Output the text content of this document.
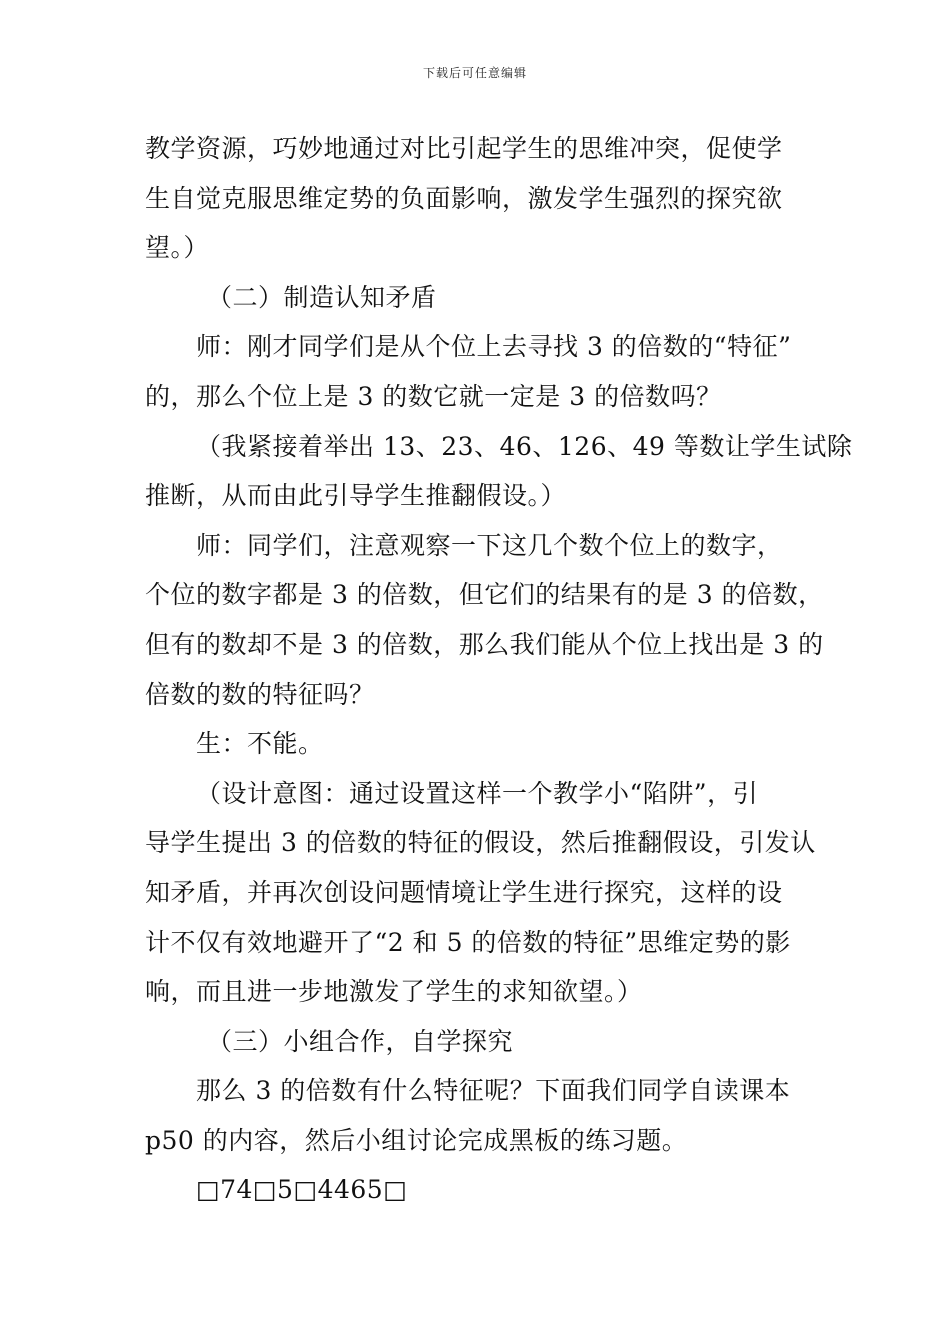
下载后可任意编辑

教学资源，巧妙地通过对比引起学生的思维冲突，促使学

生自觉克服思维定势的负面影响，激发学生强烈的探究欲

望。）

（二）制造认知矛盾

师：刚才同学们是从个位上去寻找 3 的倍数的“特征”

的，那么个位上是 3 的数它就一定是 3 的倍数吗？

（我紧接着举出 13、23、46、126、49 等数让学生试除

推断，从而由此引导学生推翻假设。）

师：同学们，注意观察一下这几个数个位上的数字，

个位的数字都是 3 的倍数，但它们的结果有的是 3 的倍数，

但有的数却不是 3 的倍数，那么我们能从个位上找出是 3 的

倍数的数的特征吗？

生：不能。

（设计意图：通过设置这样一个教学小“陷阱”，引

导学生提出 3 的倍数的特征的假设，然后推翻假设，引发认

知矛盾，并再次创设问题情境让学生进行探究，这样的设

计不仅有效地避开了“2 和 5 的倍数的特征”思维定势的影

响，而且进一步地激发了学生的求知欲望。）

（三）小组合作，自学探究

那么 3 的倍数有什么特征呢？下面我们同学自读课本

p50 的内容，然后小组讨论完成黑板的练习题。

□74□5□4465□
